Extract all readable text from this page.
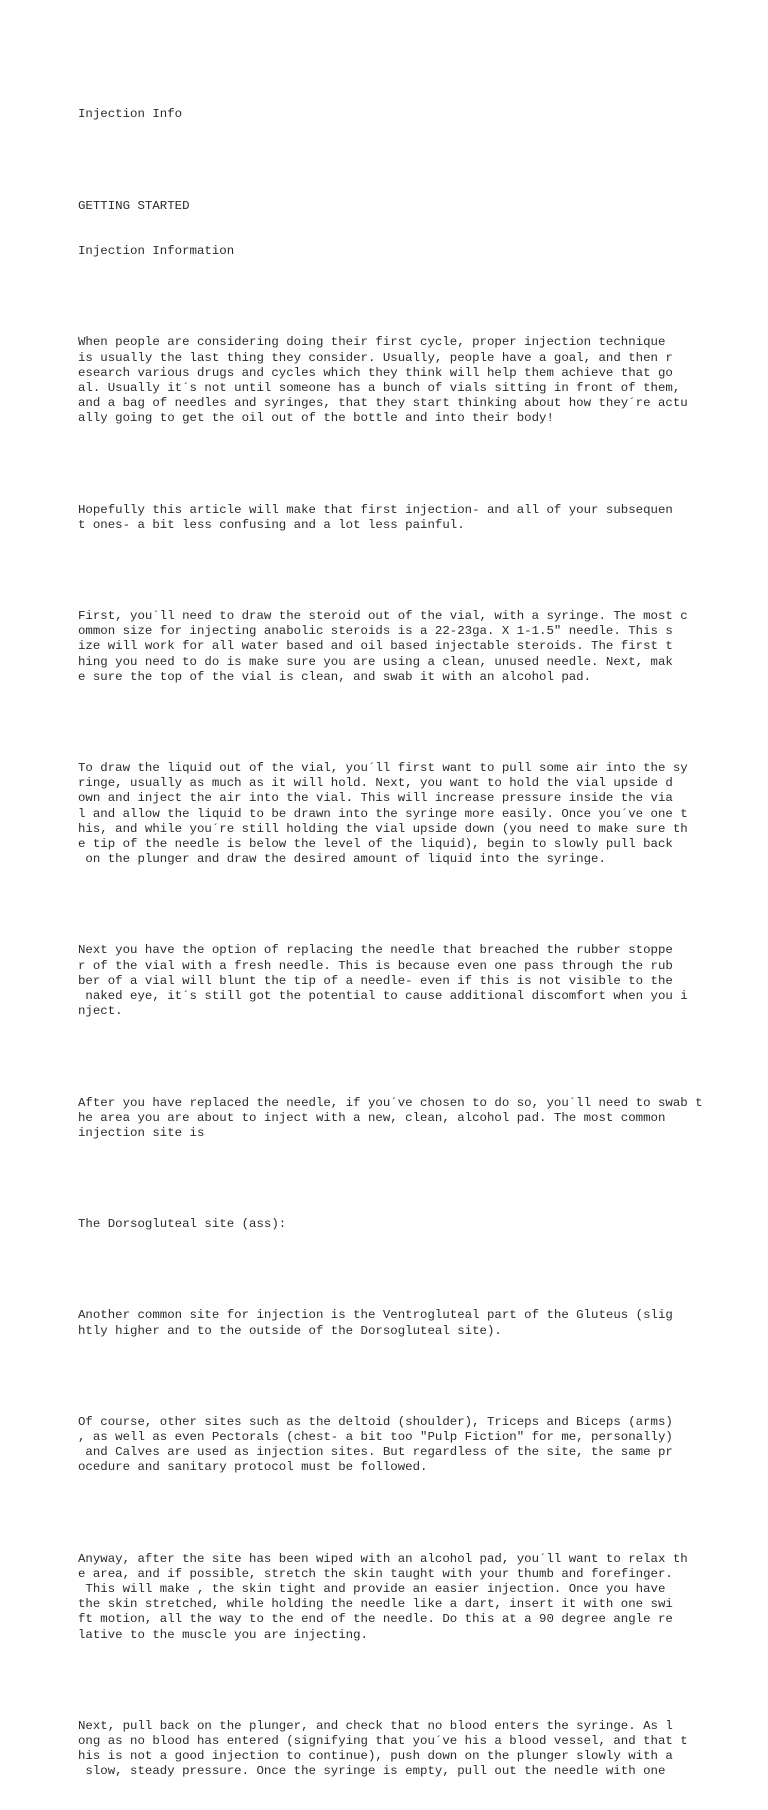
Injection Info

GETTING STARTED

Injection Information

When people are considering doing their first cycle, proper injection technique
is usually the last thing they consider. Usually, people have a goal, and then r
esearch various drugs and cycles which they think will help them achieve that go
al. Usually it´s not until someone has a bunch of vials sitting in front of them,
and a bag of needles and syringes, that they start thinking about how they´re actu
ally going to get the oil out of the bottle and into their body!

Hopefully this article will make that first injection- and all of your subsequen
t ones- a bit less confusing and a lot less painful.

First, you´ll need to draw the steroid out of the vial, with a syringe. The most c
ommon size for injecting anabolic steroids is a 22-23ga. X 1-1.5" needle. This s
ize will work for all water based and oil based injectable steroids. The first t
hing you need to do is make sure you are using a clean, unused needle. Next, mak
e sure the top of the vial is clean, and swab it with an alcohol pad.

To draw the liquid out of the vial, you´ll first want to pull some air into the sy
ringe, usually as much as it will hold. Next, you want to hold the vial upside d
own and inject the air into the vial. This will increase pressure inside the via
l and allow the liquid to be drawn into the syringe more easily. Once you´ve one t
his, and while you´re still holding the vial upside down (you need to make sure th
e tip of the needle is below the level of the liquid), begin to slowly pull back
on the plunger and draw the desired amount of liquid into the syringe.

Next you have the option of replacing the needle that breached the rubber stoppe
r of the vial with a fresh needle. This is because even one pass through the rub
ber of a vial will blunt the tip of a needle- even if this is not visible to the
naked eye, it´s still got the potential to cause additional discomfort when you i
nject.

After you have replaced the needle, if you´ve chosen to do so, you´ll need to swab t
he area you are about to inject with a new, clean, alcohol pad. The most common
injection site is

The Dorsogluteal site (ass):

Another common site for injection is the Ventrogluteal part of the Gluteus (slig
htly higher and to the outside of the Dorsogluteal site).

Of course, other sites such as the deltoid (shoulder), Triceps and Biceps (arms)
, as well as even Pectorals (chest- a bit too "Pulp Fiction" for me, personally)
and Calves are used as injection sites. But regardless of the site, the same pr
ocedure and sanitary protocol must be followed.

Anyway, after the site has been wiped with an alcohol pad, you´ll want to relax th
e area, and if possible, stretch the skin taught with your thumb and forefinger.
This will make , the skin tight and provide an easier injection. Once you have
the skin stretched, while holding the needle like a dart, insert it with one swi
ft motion, all the way to the end of the needle. Do this at a 90 degree angle re
lative to the muscle you are injecting.

Next, pull back on the plunger, and check that no blood enters the syringe. As l
ong as no blood has entered (signifying that you´ve his a blood vessel, and that t
his is not a good injection to continue), push down on the plunger slowly with a
slow, steady pressure. Once the syringe is empty, pull out the needle with one
